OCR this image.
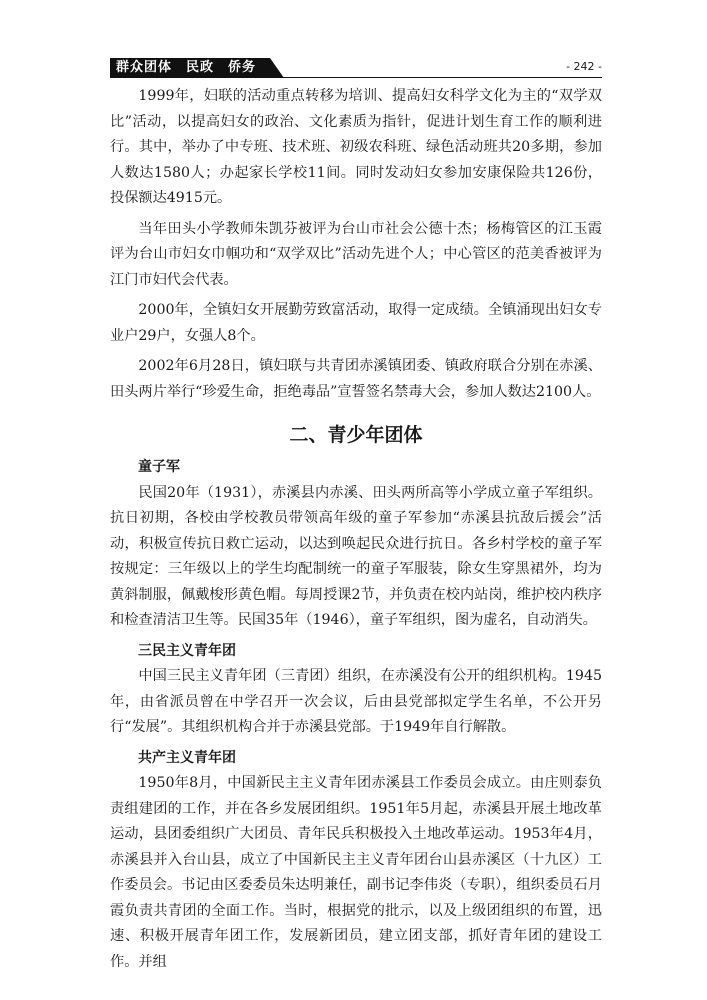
群众团体　民政　侨务	- 242 -

1999年，妇联的活动重点转移为培训、提高妇女科学文化为主的“双学双比”活动，以提高妇女的政治、文化素质为指针，促进计划生育工作的顺利进行。其中，举办了中专班、技术班、初级农科班、绿色活动班共20多期，参加人数达1580人；办起家长学校11间。同时发动妇女参加安康保险共126份，投保额达4915元。

当年田头小学教师朱凯芬被评为台山市社会公德十杰；杨梅管区的江玉霞评为台山市妇女巾帼功和“双学双比”活动先进个人；中心管区的范美香被评为江门市妇代会代表。

2000年，全镇妇女开展勤劳致富活动，取得一定成绩。全镇涌现出妇女专业户29户，女强人8个。

2002年6月28日，镇妇联与共青团赤溪镇团委、镇政府联合分别在赤溪、田头两片举行“珍爱生命，拒绝毒品”宣誓签名禁毒大会，参加人数达2100人。

二、青少年团体
童子军

民国20年（1931），赤溪县内赤溪、田头两所高等小学成立童子军组织。抗日初期，各校由学校教员带领高年级的童子军参加“赤溪县抗敌后援会”活动，积极宣传抗日救亡运动，以达到唤起民众进行抗日。各乡村学校的童子军按规定：三年级以上的学生均配制统一的童子军服装，除女生穿黑裙外，均为黄斜制服，佩戴梭形黄色帽。每周授课2节，并负责在校内站岗，维护校内秩序和检查清洁卫生等。民国35年（1946），童子军组织，图为虚名，自动消失。

三民主义青年团

中国三民主义青年团（三青团）组织，在赤溪没有公开的组织机构。1945年，由省派员曾在中学召开一次会议，后由县党部拟定学生名单，不公开另行“发展”。其组织机构合并于赤溪县党部。于1949年自行解散。

共产主义青年团

1950年8月，中国新民主主义青年团赤溪县工作委员会成立。由庄则泰负责组建团的工作，并在各乡发展团组织。1951年5月起，赤溪县开展土地改革运动，县团委组织广大团员、青年民兵积极投入土地改革运动。1953年4月，赤溪县并入台山县，成立了中国新民主主义青年团台山县赤溪区（十九区）工作委员会。书记由区委委员朱达明兼任，副书记李伟炎（专职），组织委员石月霞负责共青团的全面工作。当时，根据党的批示，以及上级团组织的布置，迅速、积极开展青年团工作，发展新团员，建立团支部，抓好青年团的建设工作。并组
